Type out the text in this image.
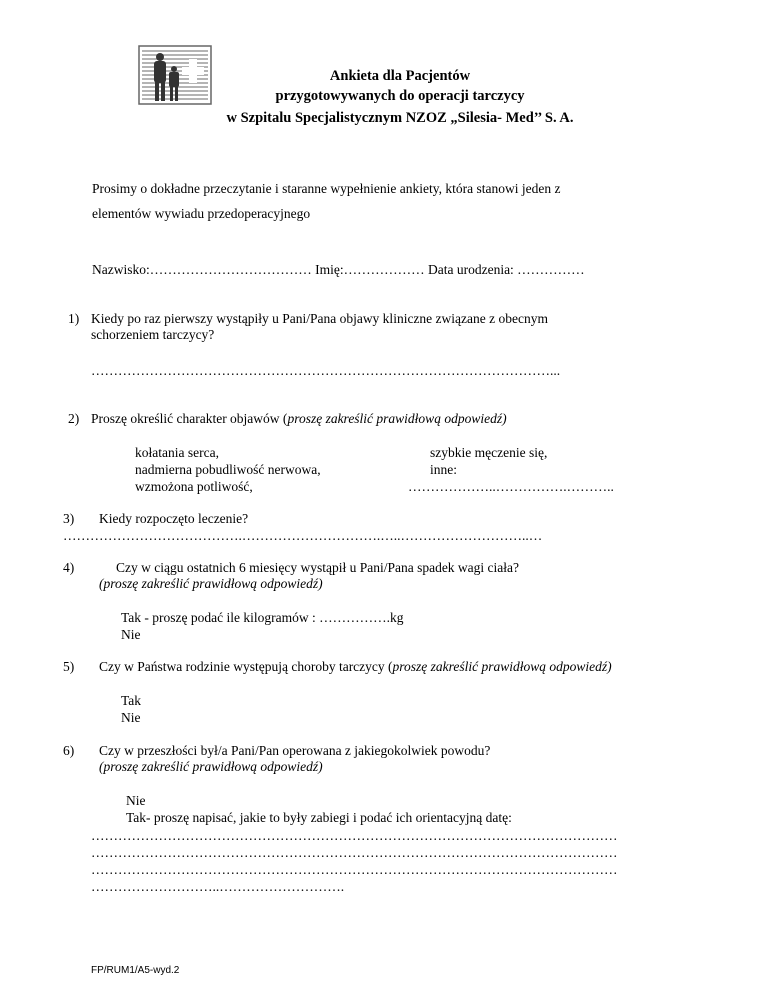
Ankieta dla Pacjentów
przygotowywanych do operacji tarczycy
w Szpitalu Specjalistycznym NZOZ „Silesia- Med’’ S. A.
Prosimy o dokładne przeczytanie i staranne wypełnienie ankiety, która stanowi jeden z
elementów wywiadu przedoperacyjnego
Nazwisko:……………………………… Imię:……………… Data urodzenia: ……………
1) Kiedy po raz pierwszy wystąpiły u Pani/Pana objawy kliniczne związane z obecnym
schorzeniem tarczycy?
…………………………………………………………………………………………...
2) Proszę określić charakter objawów (proszę zakreślić prawidłową odpowiedź)
kołatania serca,
nadmierna pobudliwość nerwowa,
wzmożona potliwość,
szybkie męczenie się,
inne:
………………..…………….………..
3) Kiedy rozpoczęto leczenie?
………………………………….………………………….…..………………………..…
4)	Czy w ciągu ostatnich 6 miesięcy wystąpił u Pani/Pana spadek wagi ciała?
(proszę zakreślić prawidłową odpowiedź)
Tak - proszę podać ile kilogramów : …………….kg
Nie
5) Czy w Państwa rodzinie występują choroby tarczycy (proszę zakreślić prawidłową odpowiedź)
Tak
Nie
6) Czy w przeszłości był/a Pani/Pan operowana z jakiegokolwiek powodu?
(proszę zakreślić prawidłową odpowiedź)
Nie
Tak- proszę napisać, jakie to były zabiegi i podać ich orientacyjną datę:
………………………………………………………………………………………………………
………………………………………………………………………………………………………
………………………………………………………………………………………………………
………………………..……………………….
FP/RUM1/A5-wyd.2
